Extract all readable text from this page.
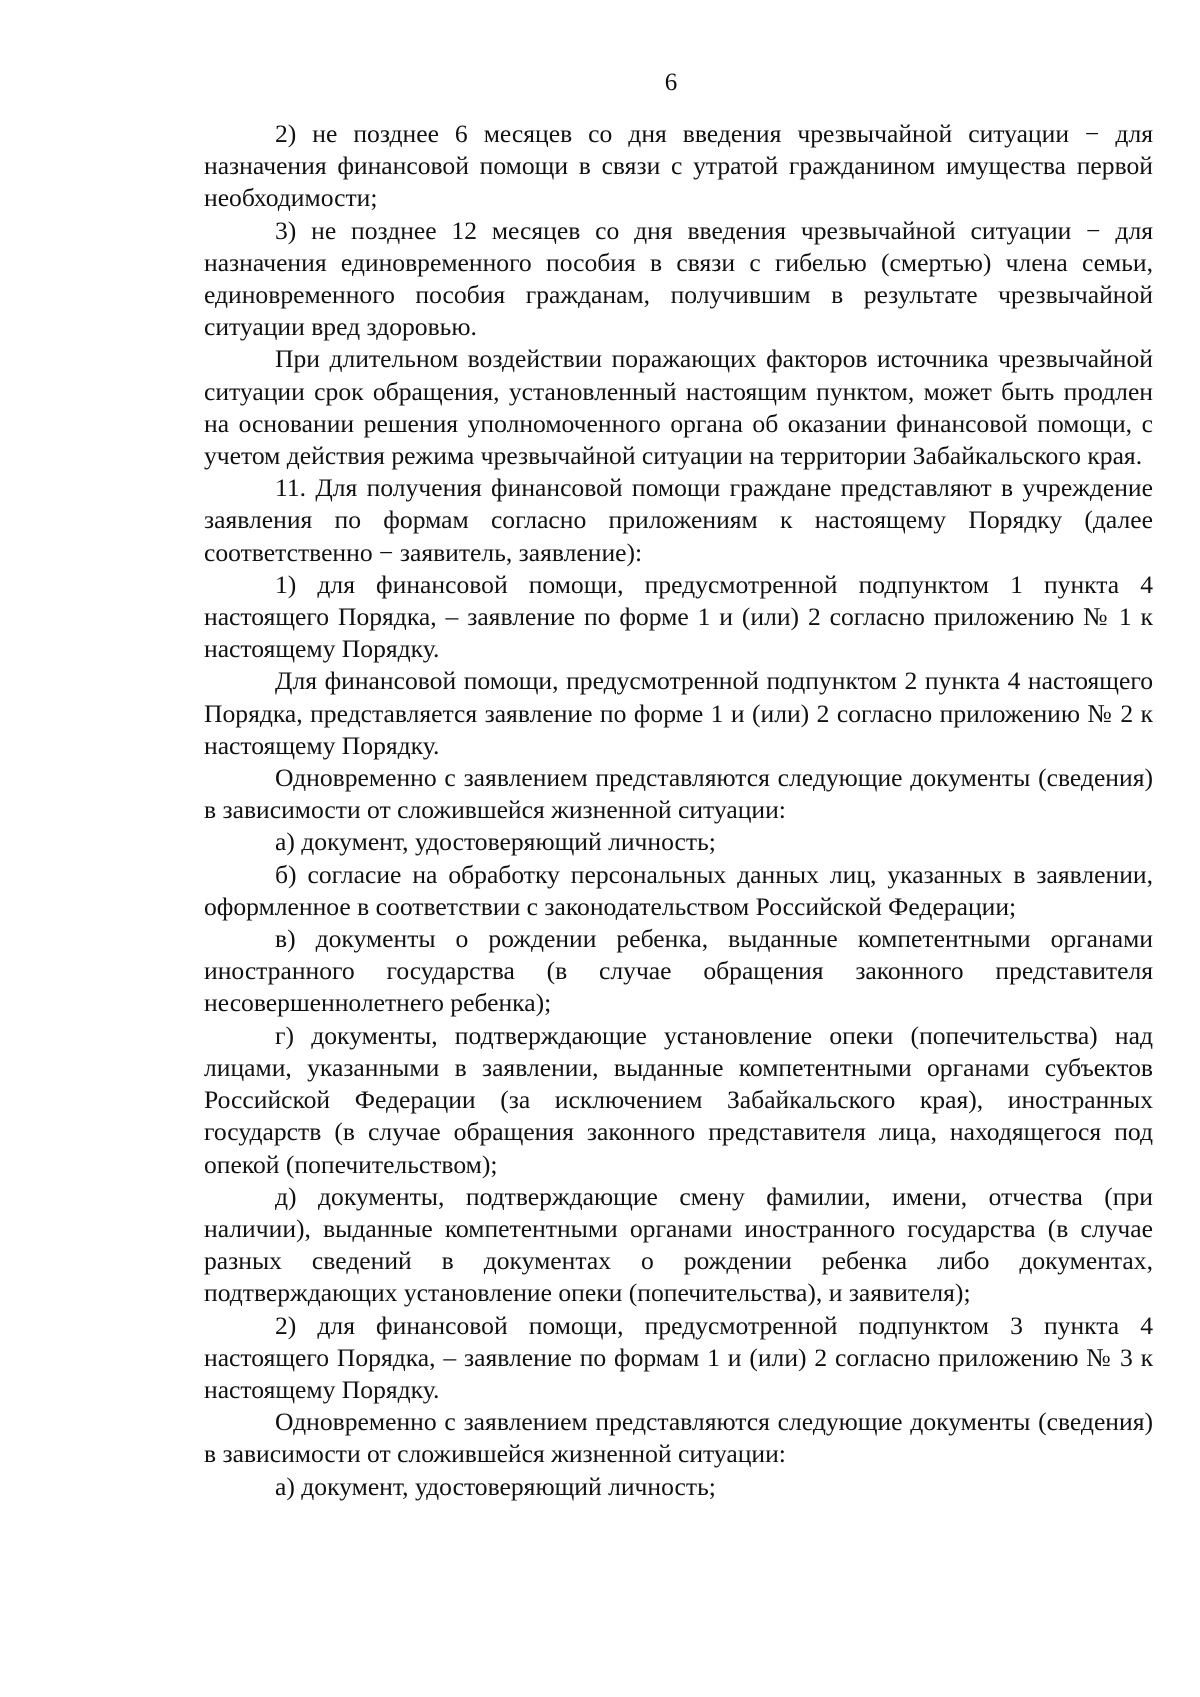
6

2) не позднее 6 месяцев со дня введения чрезвычайной ситуации − для назначения финансовой помощи в связи с утратой гражданином имущества первой необходимости;

3) не позднее 12 месяцев со дня введения чрезвычайной ситуации − для назначения единовременного пособия в связи с гибелью (смертью) члена семьи, единовременного пособия гражданам, получившим в результате чрезвычайной ситуации вред здоровью.

При длительном воздействии поражающих факторов источника чрезвычайной ситуации срок обращения, установленный настоящим пунктом, может быть продлен на основании решения уполномоченного органа об оказании финансовой помощи, с учетом действия режима чрезвычайной ситуации на территории Забайкальского края.

11. Для получения финансовой помощи граждане представляют в учреждение заявления по формам согласно приложениям к настоящему Порядку (далее соответственно − заявитель, заявление):

1) для финансовой помощи, предусмотренной подпунктом 1 пункта 4 настоящего Порядка, – заявление по форме 1 и (или) 2 согласно приложению № 1 к настоящему Порядку.

Для финансовой помощи, предусмотренной подпунктом 2 пункта 4 настоящего Порядка, представляется заявление по форме 1 и (или) 2 согласно приложению № 2 к настоящему Порядку.

Одновременно с заявлением представляются следующие документы (сведения) в зависимости от сложившейся жизненной ситуации:

а) документ, удостоверяющий личность;

б) согласие на обработку персональных данных лиц, указанных в заявлении, оформленное в соответствии с законодательством Российской Федерации;

в) документы о рождении ребенка, выданные компетентными органами иностранного государства (в случае обращения законного представителя несовершеннолетнего ребенка);

г) документы, подтверждающие установление опеки (попечительства) над лицами, указанными в заявлении, выданные компетентными органами субъектов Российской Федерации (за исключением Забайкальского края), иностранных государств (в случае обращения законного представителя лица, находящегося под опекой (попечительством);

д) документы, подтверждающие смену фамилии, имени, отчества (при наличии), выданные компетентными органами иностранного государства (в случае разных сведений в документах о рождении ребенка либо документах, подтверждающих установление опеки (попечительства), и заявителя);

2) для финансовой помощи, предусмотренной подпунктом 3 пункта 4 настоящего Порядка, – заявление по формам 1 и (или) 2 согласно приложению № 3 к настоящему Порядку.

Одновременно с заявлением представляются следующие документы (сведения) в зависимости от сложившейся жизненной ситуации:

а) документ, удостоверяющий личность;
